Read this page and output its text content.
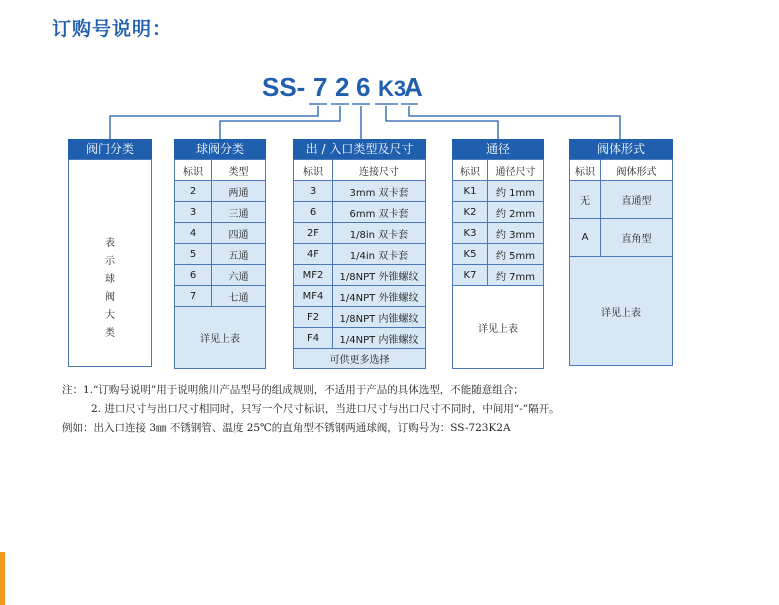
订购号说明：
SS- 7 2 6 K3
A
阀门分类
表
示
球
阀
大
类
球阀分类
标识	类型
2	两通
3	三通
4	四通
5	五通
6	六通
7	七通
详见上表	
出 / 入口类型及尺寸
标识	连接尺寸
3	3mm 双卡套
6	6mm 双卡套
2F	1/8in 双卡套
4F	1/4in 双卡套
MF2	1/8NPT 外锥螺纹
MF4	1/4NPT 外锥螺纹
F2	1/8NPT 内锥螺纹
F4	1/4NPT 内锥螺纹
可供更多选择	
通径
标识	通径尺寸
K1	约 1mm
K2	约 2mm
K3	约 3mm
K5	约 5mm
K7	约 7mm
详见上表	
阀体形式
标识	阀体形式
无	直通型
A	直角型
详见上表	
注：1.“订购号说明”用于说明熊川产品型号的组成规则，不适用于产品的具体选型，不能随意组合；
2. 进口尺寸与出口尺寸相同时，只写一个尺寸标识，当进口尺寸与出口尺寸不同时，中间用“-”隔开。
例如：出入口连接 3㎜ 不锈钢管、温度 25℃的直角型不锈钢两通球阀，订购号为：SS-723K2A
